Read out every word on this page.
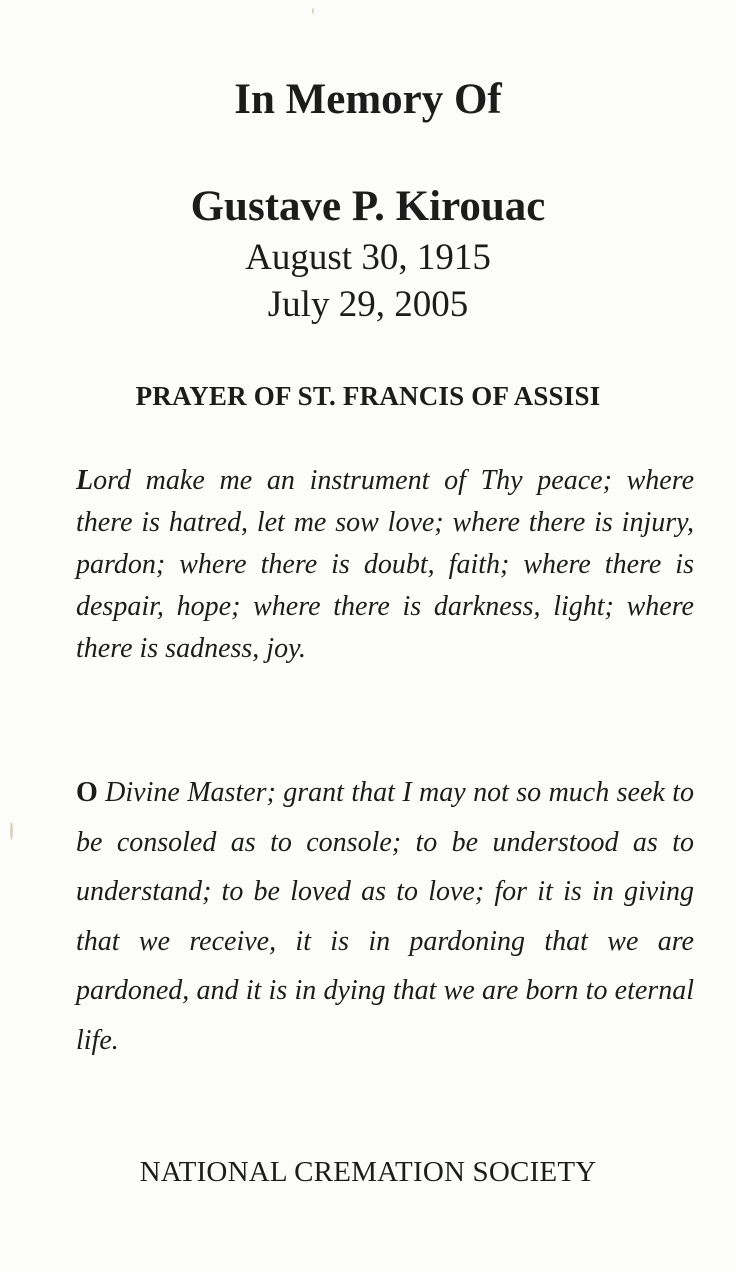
In Memory Of
Gustave P. Kirouac
August 30, 1915
July 29, 2005
PRAYER OF ST. FRANCIS OF ASSISI

Lord make me an instrument of Thy peace; where there is hatred, let me sow love; where there is injury, pardon; where there is doubt, faith; where there is despair, hope; where there is darkness, light; where there is sadness, joy.

O Divine Master; grant that I may not so much seek to be consoled as to console; to be understood as to understand; to be loved as to love; for it is in giving that we receive, it is in pardoning that we are pardoned, and it is in dying that we are born to eternal life.

NATIONAL CREMATION SOCIETY
